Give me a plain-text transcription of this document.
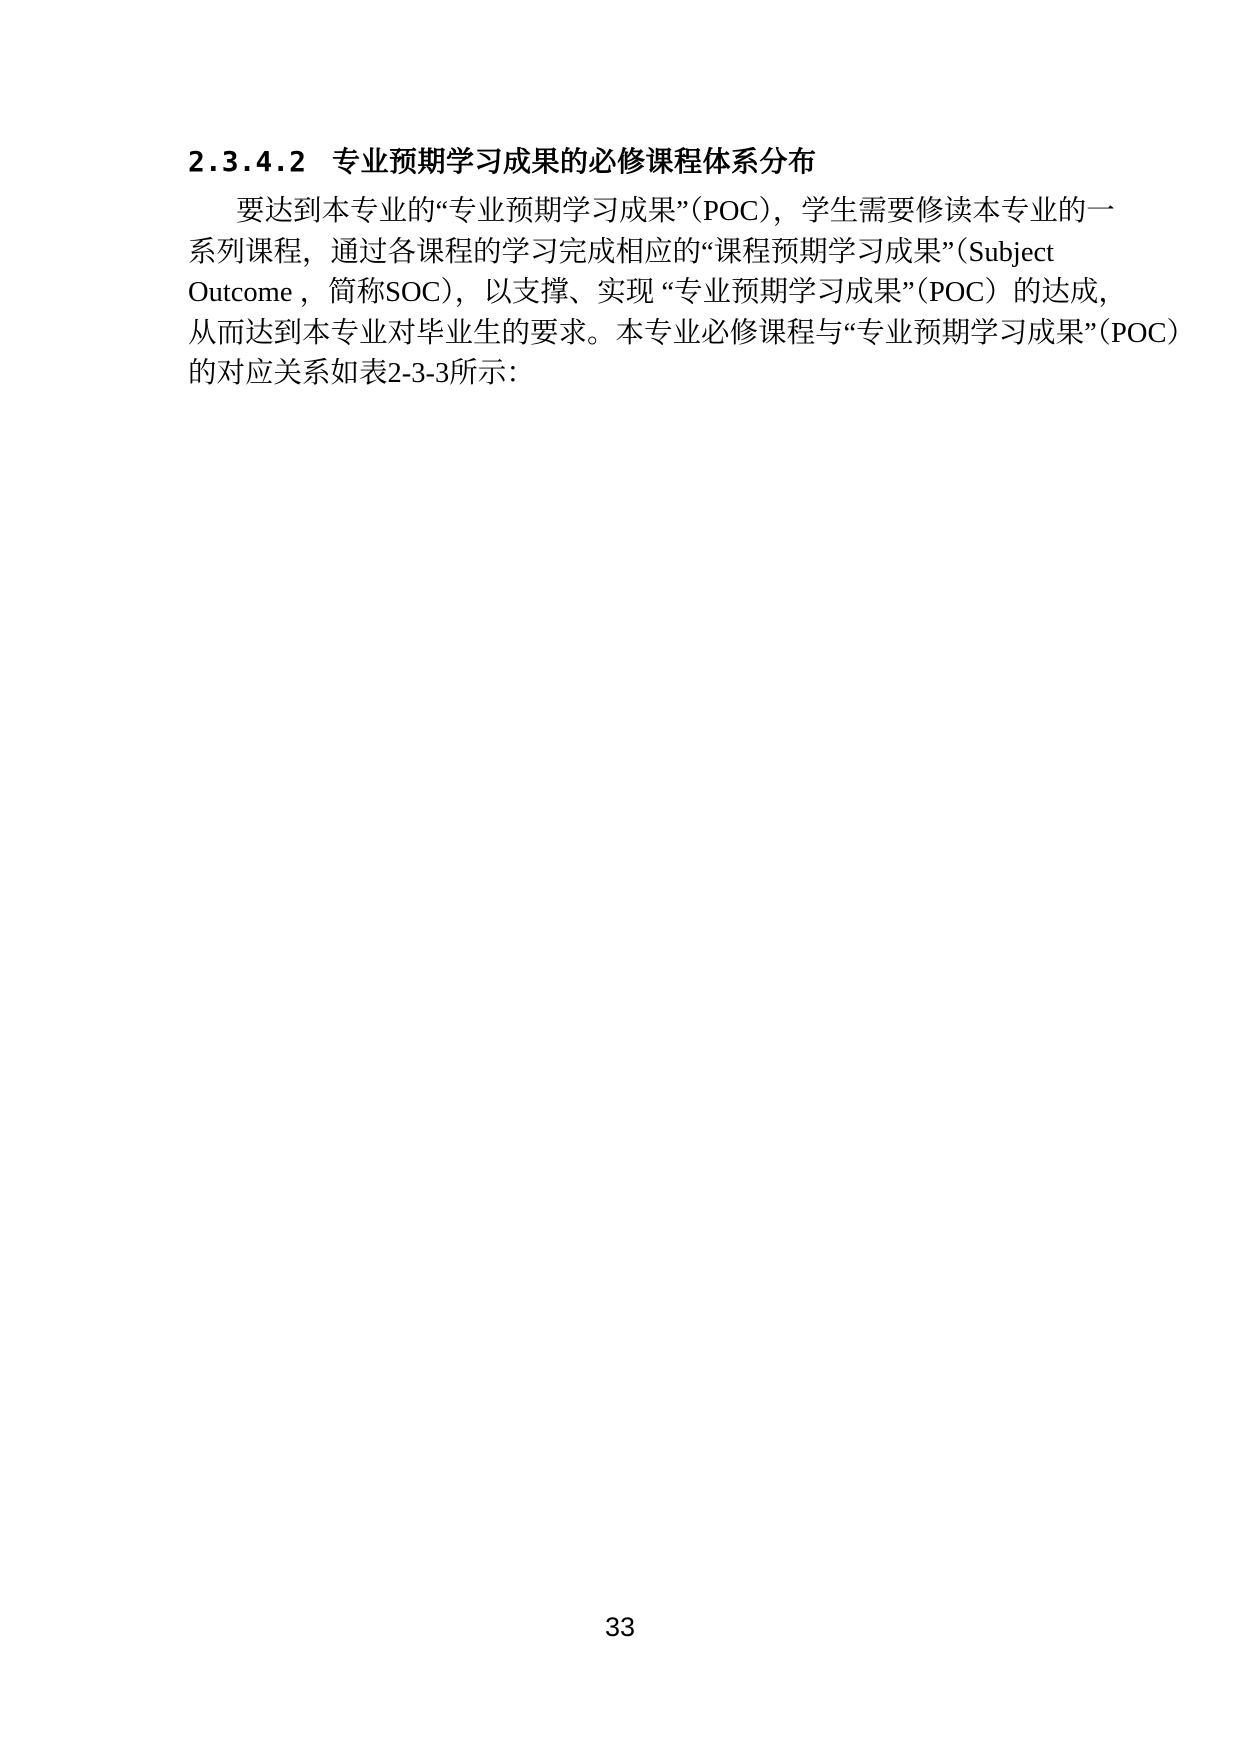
2.3.4.2 专业预期学习成果的必修课程体系分布
要达到本专业的“专业预期学习成果”（POC），学生需要修读本专业的一
系列课程，通过各课程的学习完成相应的“课程预期学习成果”（Subject
Outcome ，简称SOC），以支撑、实现 “专业预期学习成果”（POC）的达成，
从而达到本专业对毕业生的要求。本专业必修课程与“专业预期学习成果”（POC）
的对应关系如表2-3-3所示：
33
